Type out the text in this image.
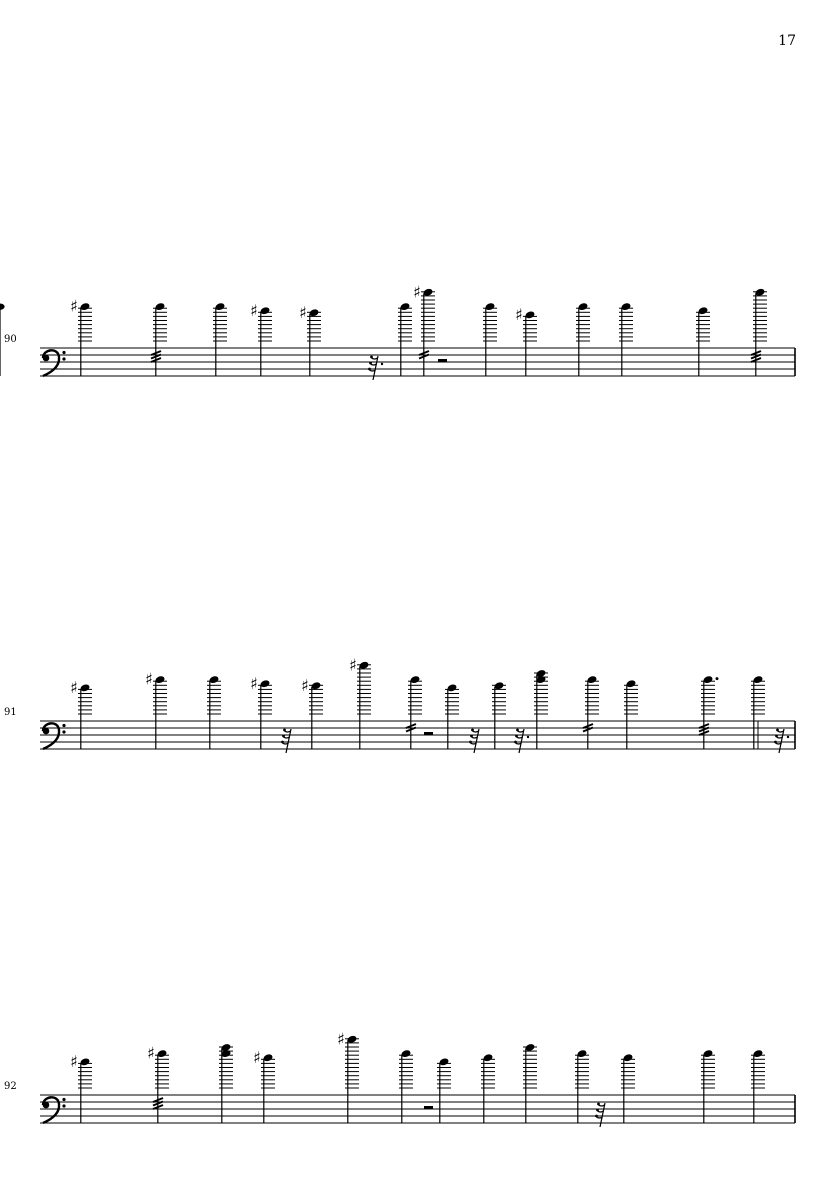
17
90
91
92
♯	♯	♯
♯
♯
♯	♯	♯	♯
♯
♯	♯	♯
♯
